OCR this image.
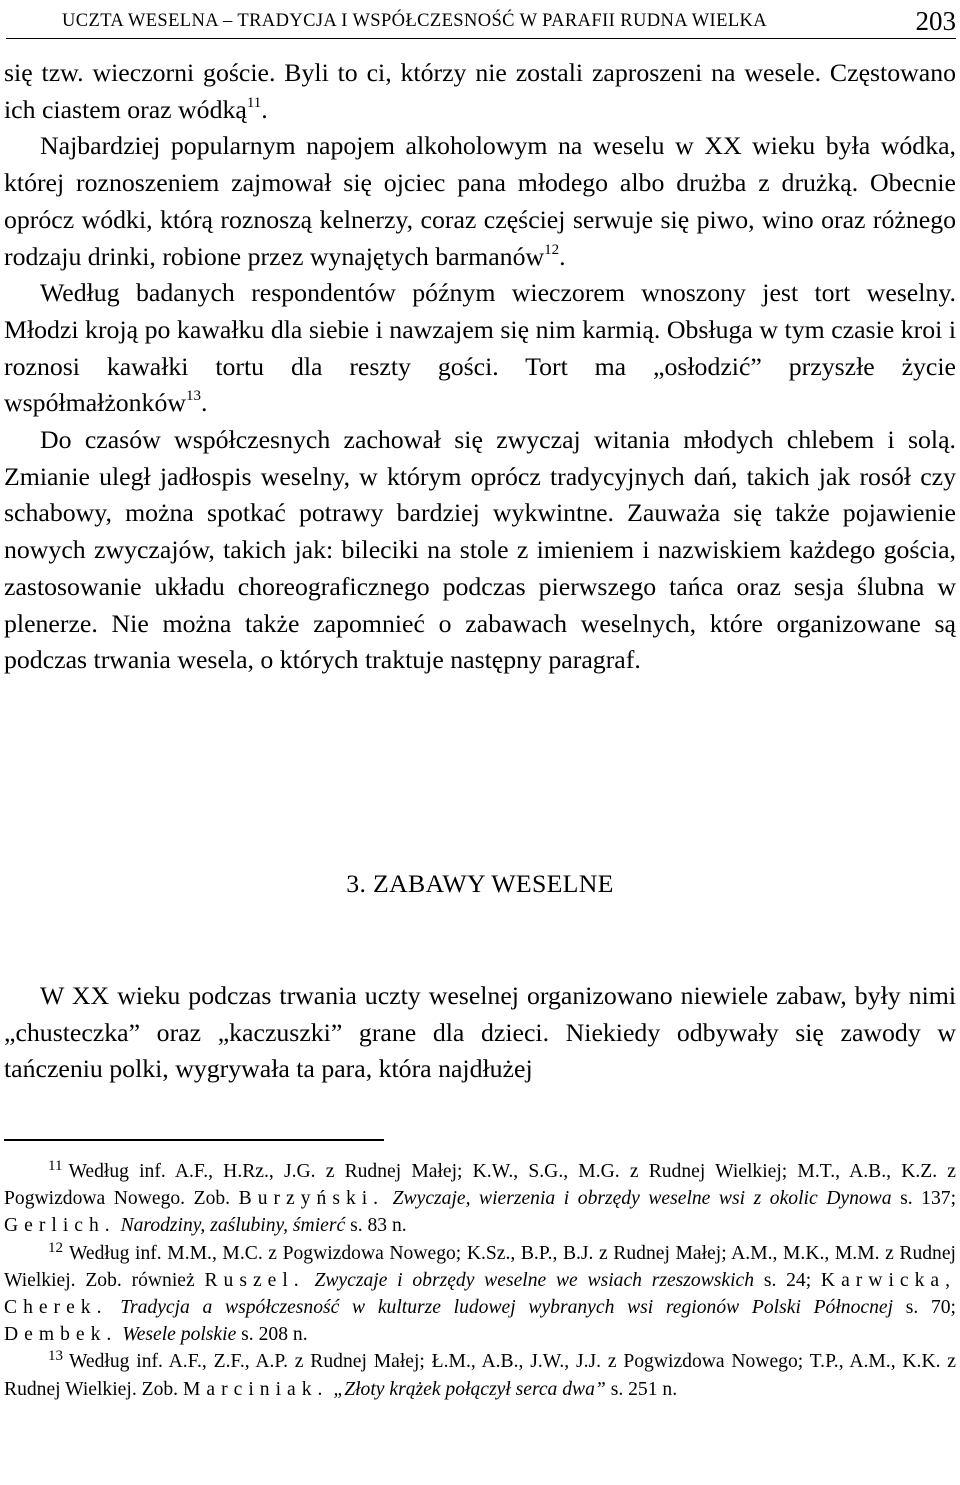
UCZTA WESELNA – TRADYCJA I WSPÓŁCZESNOŚĆ W PARAFII RUDNA WIELKA	203

się tzw. wieczorni goście. Byli to ci, którzy nie zostali zaproszeni na wesele. Częstowano ich ciastem oraz wódką$^{11}$.

Najbardziej popularnym napojem alkoholowym na weselu w XX wieku była wódka, której roznoszeniem zajmował się ojciec pana młodego albo drużba z drużką. Obecnie oprócz wódki, którą roznoszą kelnerzy, coraz częściej serwuje się piwo, wino oraz różnego rodzaju drinki, robione przez wynajętych barmanów$^{12}$.

Według badanych respondentów późnym wieczorem wnoszony jest tort weselny. Młodzi kroją po kawałku dla siebie i nawzajem się nim karmią. Obsługa w tym czasie kroi i roznosi kawałki tortu dla reszty gości. Tort ma „osłodzić” przyszłe życie współmałżonków$^{13}$.

Do czasów współczesnych zachował się zwyczaj witania młodych chlebem i solą. Zmianie uległ jadłospis weselny, w którym oprócz tradycyjnych dań, takich jak rosół czy schabowy, można spotkać potrawy bardziej wykwintne. Zauważa się także pojawienie nowych zwyczajów, takich jak: bileciki na stole z imieniem i nazwiskiem każdego gościa, zastosowanie układu choreograficznego podczas pierwszego tańca oraz sesja ślubna w plenerze. Nie można także zapomnieć o zabawach weselnych, które organizowane są podczas trwania wesela, o których traktuje następny paragraf.

3. ZABAWY WESELNE

W XX wieku podczas trwania uczty weselnej organizowano niewiele zabaw, były nimi „chusteczka” oraz „kaczuszki” grane dla dzieci. Niekiedy odbywały się zawody w tańczeniu polki, wygrywała ta para, która najdłużej

$^{11}$ Według inf. A.F., H.Rz., J.G. z Rudnej Małej; K.W., S.G., M.G. z Rudnej Wielkiej; M.T., A.B., K.Z. z Pogwizdowa Nowego. Zob. Burzyński. Zwyczaje, wierzenia i obrzędy weselne wsi z okolic Dynowa s. 137; Gerlich. Narodziny, zaślubiny, śmierć s. 83 n.

$^{12}$ Według inf. M.M., M.C. z Pogwizdowa Nowego; K.Sz., B.P., B.J. z Rudnej Małej; A.M., M.K., M.M. z Rudnej Wielkiej. Zob. również Ruszel. Zwyczaje i obrzędy weselne we wsiach rzeszowskich s. 24; Karwicka, Cherek. Tradycja a współczesność w kulturze ludowej wybranych wsi regionów Polski Północnej s. 70; Dembek. Wesele polskie s. 208 n.

$^{13}$ Według inf. A.F., Z.F., A.P. z Rudnej Małej; Ł.M., A.B., J.W., J.J. z Pogwizdowa Nowego; T.P., A.M., K.K. z Rudnej Wielkiej. Zob. Marciniak. „Złoty krążek połączył serca dwa” s. 251 n.
